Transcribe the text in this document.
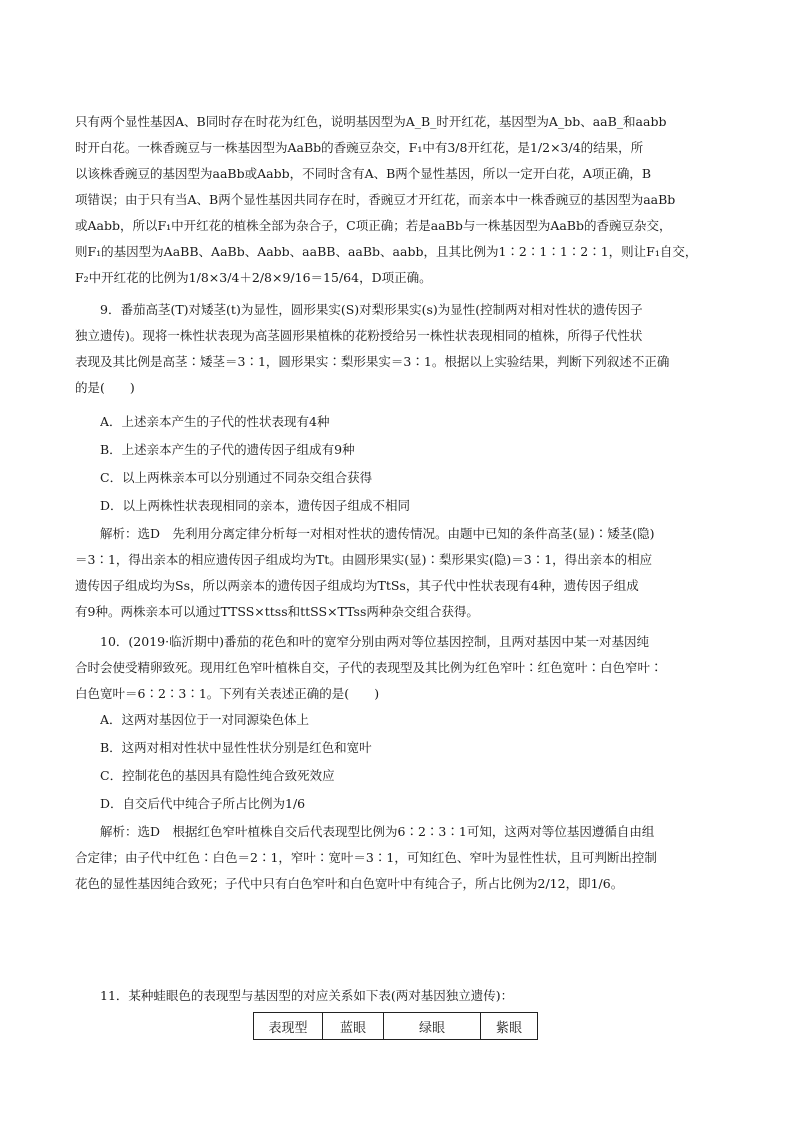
只有两个显性基因A、B同时存在时花为红色，说明基因型为A_B_时开红花，基因型为A_bb、aaB_和aabb

时开白花。一株香豌豆与一株基因型为AaBb的香豌豆杂交，F₁中有3/8开红花，是1/2×3/4的结果，所

以该株香豌豆的基因型为aaBb或Aabb，不同时含有A、B两个显性基因，所以一定开白花，A项正确，B

项错误；由于只有当A、B两个显性基因共同存在时，香豌豆才开红花，而亲本中一株香豌豆的基因型为aaBb

或Aabb，所以F₁中开红花的植株全部为杂合子，C项正确；若是aaBb与一株基因型为AaBb的香豌豆杂交，

则F₁的基因型为AaBB、AaBb、Aabb、aaBB、aaBb、aabb，且其比例为1∶2∶1∶1∶2∶1，则让F₁自交，

F₂中开红花的比例为1/8×3/4＋2/8×9/16＝15/64，D项正确。

9．番茄高茎(T)对矮茎(t)为显性，圆形果实(S)对梨形果实(s)为显性(控制两对相对性状的遗传因子

独立遗传)。现将一株性状表现为高茎圆形果植株的花粉授给另一株性状表现相同的植株，所得子代性状

表现及其比例是高茎∶矮茎＝3∶1，圆形果实∶梨形果实＝3∶1。根据以上实验结果，判断下列叙述不正确

的是(　　)

A．上述亲本产生的子代的性状表现有4种

B．上述亲本产生的子代的遗传因子组成有9种

C．以上两株亲本可以分别通过不同杂交组合获得

D．以上两株性状表现相同的亲本，遗传因子组成不相同

解析：选D　先利用分离定律分析每一对相对性状的遗传情况。由题中已知的条件高茎(显)∶矮茎(隐)

＝3∶1，得出亲本的相应遗传因子组成均为Tt。由圆形果实(显)∶梨形果实(隐)＝3∶1，得出亲本的相应

遗传因子组成均为Ss，所以两亲本的遗传因子组成均为TtSs，其子代中性状表现有4种，遗传因子组成

有9种。两株亲本可以通过TTSS×ttss和ttSS×TTss两种杂交组合获得。

10．(2019·临沂期中)番茄的花色和叶的宽窄分别由两对等位基因控制，且两对基因中某一对基因纯

合时会使受精卵致死。现用红色窄叶植株自交，子代的表现型及其比例为红色窄叶∶红色宽叶∶白色窄叶∶

白色宽叶＝6∶2∶3∶1。下列有关表述正确的是(　　)

A．这两对基因位于一对同源染色体上

B．这两对相对性状中显性性状分别是红色和宽叶

C．控制花色的基因具有隐性纯合致死效应

D．自交后代中纯合子所占比例为1/6

解析：选D　根据红色窄叶植株自交后代表现型比例为6∶2∶3∶1可知，这两对等位基因遵循自由组

合定律；由子代中红色∶白色＝2∶1，窄叶∶宽叶＝3∶1，可知红色、窄叶为显性性状，且可判断出控制

花色的显性基因纯合致死；子代中只有白色窄叶和白色宽叶中有纯合子，所占比例为2/12，即1/6。

11．某种蛙眼色的表现型与基因型的对应关系如下表(两对基因独立遗传)：

表现型	蓝眼	绿眼	紫眼
